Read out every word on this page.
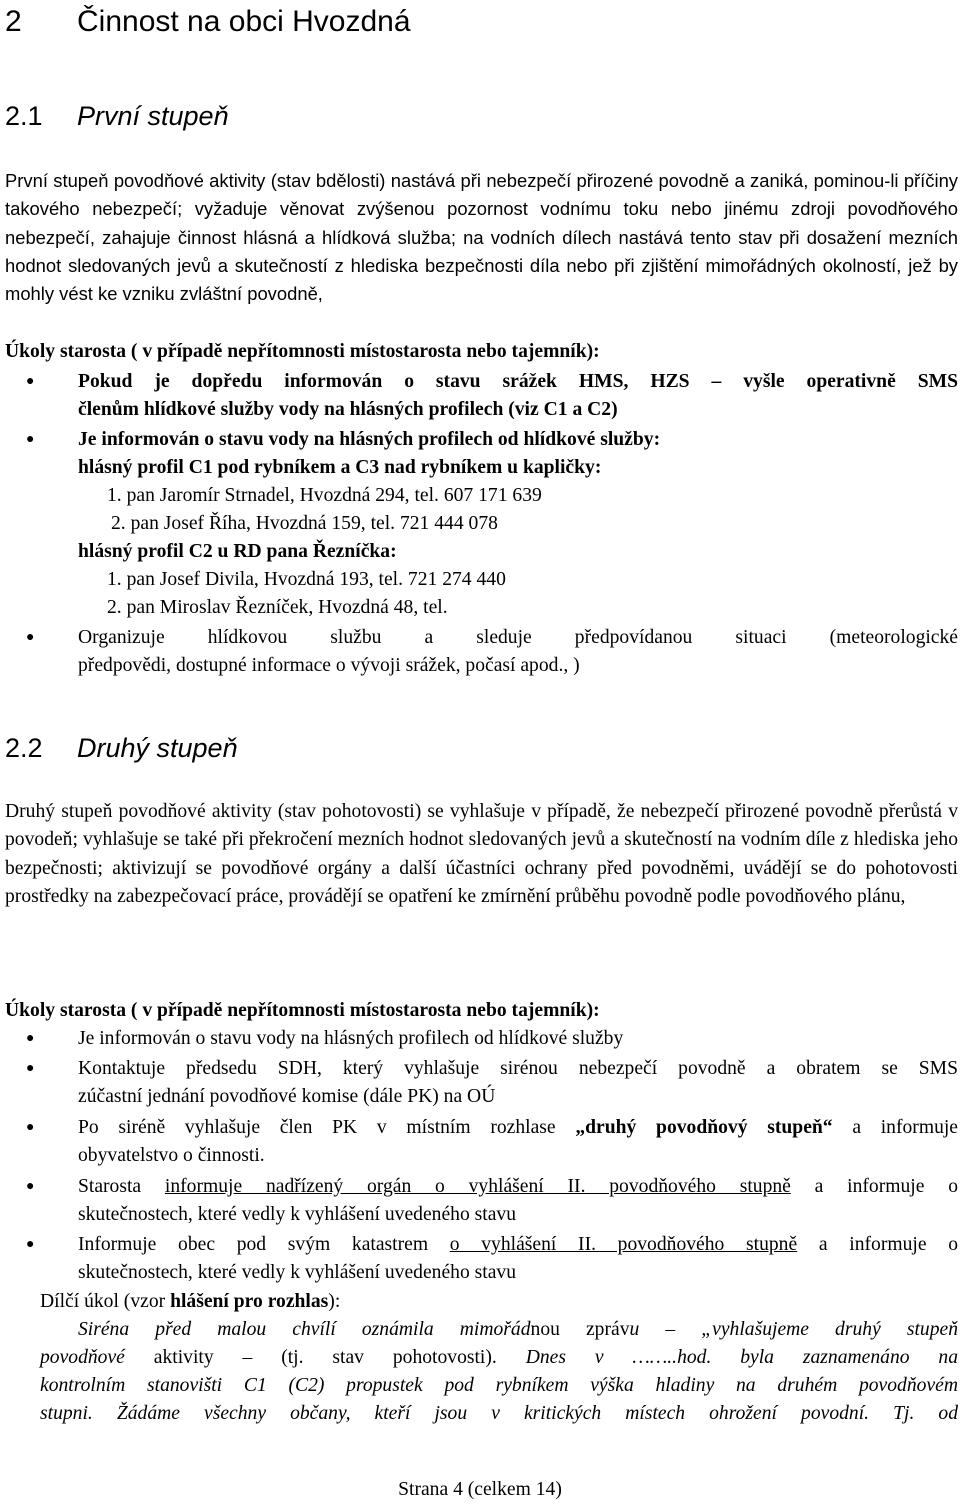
2 Činnost na obci Hvozdná
2.1 První stupeň
První stupeň povodňové aktivity (stav bdělosti) nastává při nebezpečí přirozené povodně a zaniká, pominou-li příčiny takového nebezpečí; vyžaduje věnovat zvýšenou pozornost vodnímu toku nebo jinému zdroji povodňového nebezpečí, zahajuje činnost hlásná a hlídková služba; na vodních dílech nastává tento stav při dosažení mezních hodnot sledovaných jevů a skutečností z hlediska bezpečnosti díla nebo při zjištění mimořádných okolností, jež by mohly vést ke vzniku zvláštní povodně,
Úkoly starosta ( v případě nepřítomnosti místostarosta nebo tajemník):
● Pokud je dopředu informován o stavu srážek HMS, HZS – vyšle operativně SMS
členům hlídkové služby vody na hlásných profilech (viz C1 a C2)
● Je informován o stavu vody na hlásných profilech od hlídkové služby:
hlásný profil C1 pod rybníkem a C3 nad rybníkem u kapličky:
1. pan Jaromír Strnadel, Hvozdná 294, tel. 607 171 639
2. pan Josef Říha, Hvozdná 159, tel. 721 444 078
hlásný profil C2 u RD pana Řezníčka:
1. pan Josef Divila, Hvozdná 193, tel. 721 274 440
2. pan Miroslav Řezníček, Hvozdná 48, tel.
● Organizuje hlídkovou službu a sleduje předpovídanou situaci (meteorologické
předpovědi, dostupné informace o vývoji srážek, počasí apod., )
2.2 Druhý stupeň
Druhý stupeň povodňové aktivity (stav pohotovosti) se vyhlašuje v případě, že nebezpečí přirozené povodně přerůstá v povodeň; vyhlašuje se také při překročení mezních hodnot sledovaných jevů a skutečností na vodním díle z hlediska jeho bezpečnosti; aktivizují se povodňové orgány a další účastníci ochrany před povodněmi, uvádějí se do pohotovosti prostředky na zabezpečovací práce, provádějí se opatření ke zmírnění průběhu povodně podle povodňového plánu,
Úkoly starosta ( v případě nepřítomnosti místostarosta nebo tajemník):
● Je informován o stavu vody na hlásných profilech od hlídkové služby
● Kontaktuje předsedu SDH, který vyhlašuje sirénou nebezpečí povodně a obratem se SMS
zúčastní jednání povodňové komise (dále PK) na OÚ
● Po siréně vyhlašuje člen PK v místním rozhlase „druhý povodňový stupeň“ a informuje
obyvatelstvo o činnosti.
● Starosta informuje nadřízený orgán o vyhlášení II. povodňového stupně a informuje o
skutečnostech, které vedly k vyhlášení uvedeného stavu
● Informuje obec pod svým katastrem o vyhlášení II. povodňového stupně a informuje o
skutečnostech, které vedly k vyhlášení uvedeného stavu
Dílčí úkol (vzor hlášení pro rozhlas):
Siréna před malou chvílí oznámila mimořádnou zprávu – „vyhlašujeme druhý stupeň
povodňové aktivity – (tj. stav pohotovosti). Dnes v ……..hod. byla zaznamenáno na
kontrolním stanovišti C1 (C2) propustek pod rybníkem výška hladiny na druhém povodňovém
stupni. Žádáme všechny občany, kteří jsou v kritických místech ohrožení povodní. Tj. od
Strana 4 (celkem 14)
